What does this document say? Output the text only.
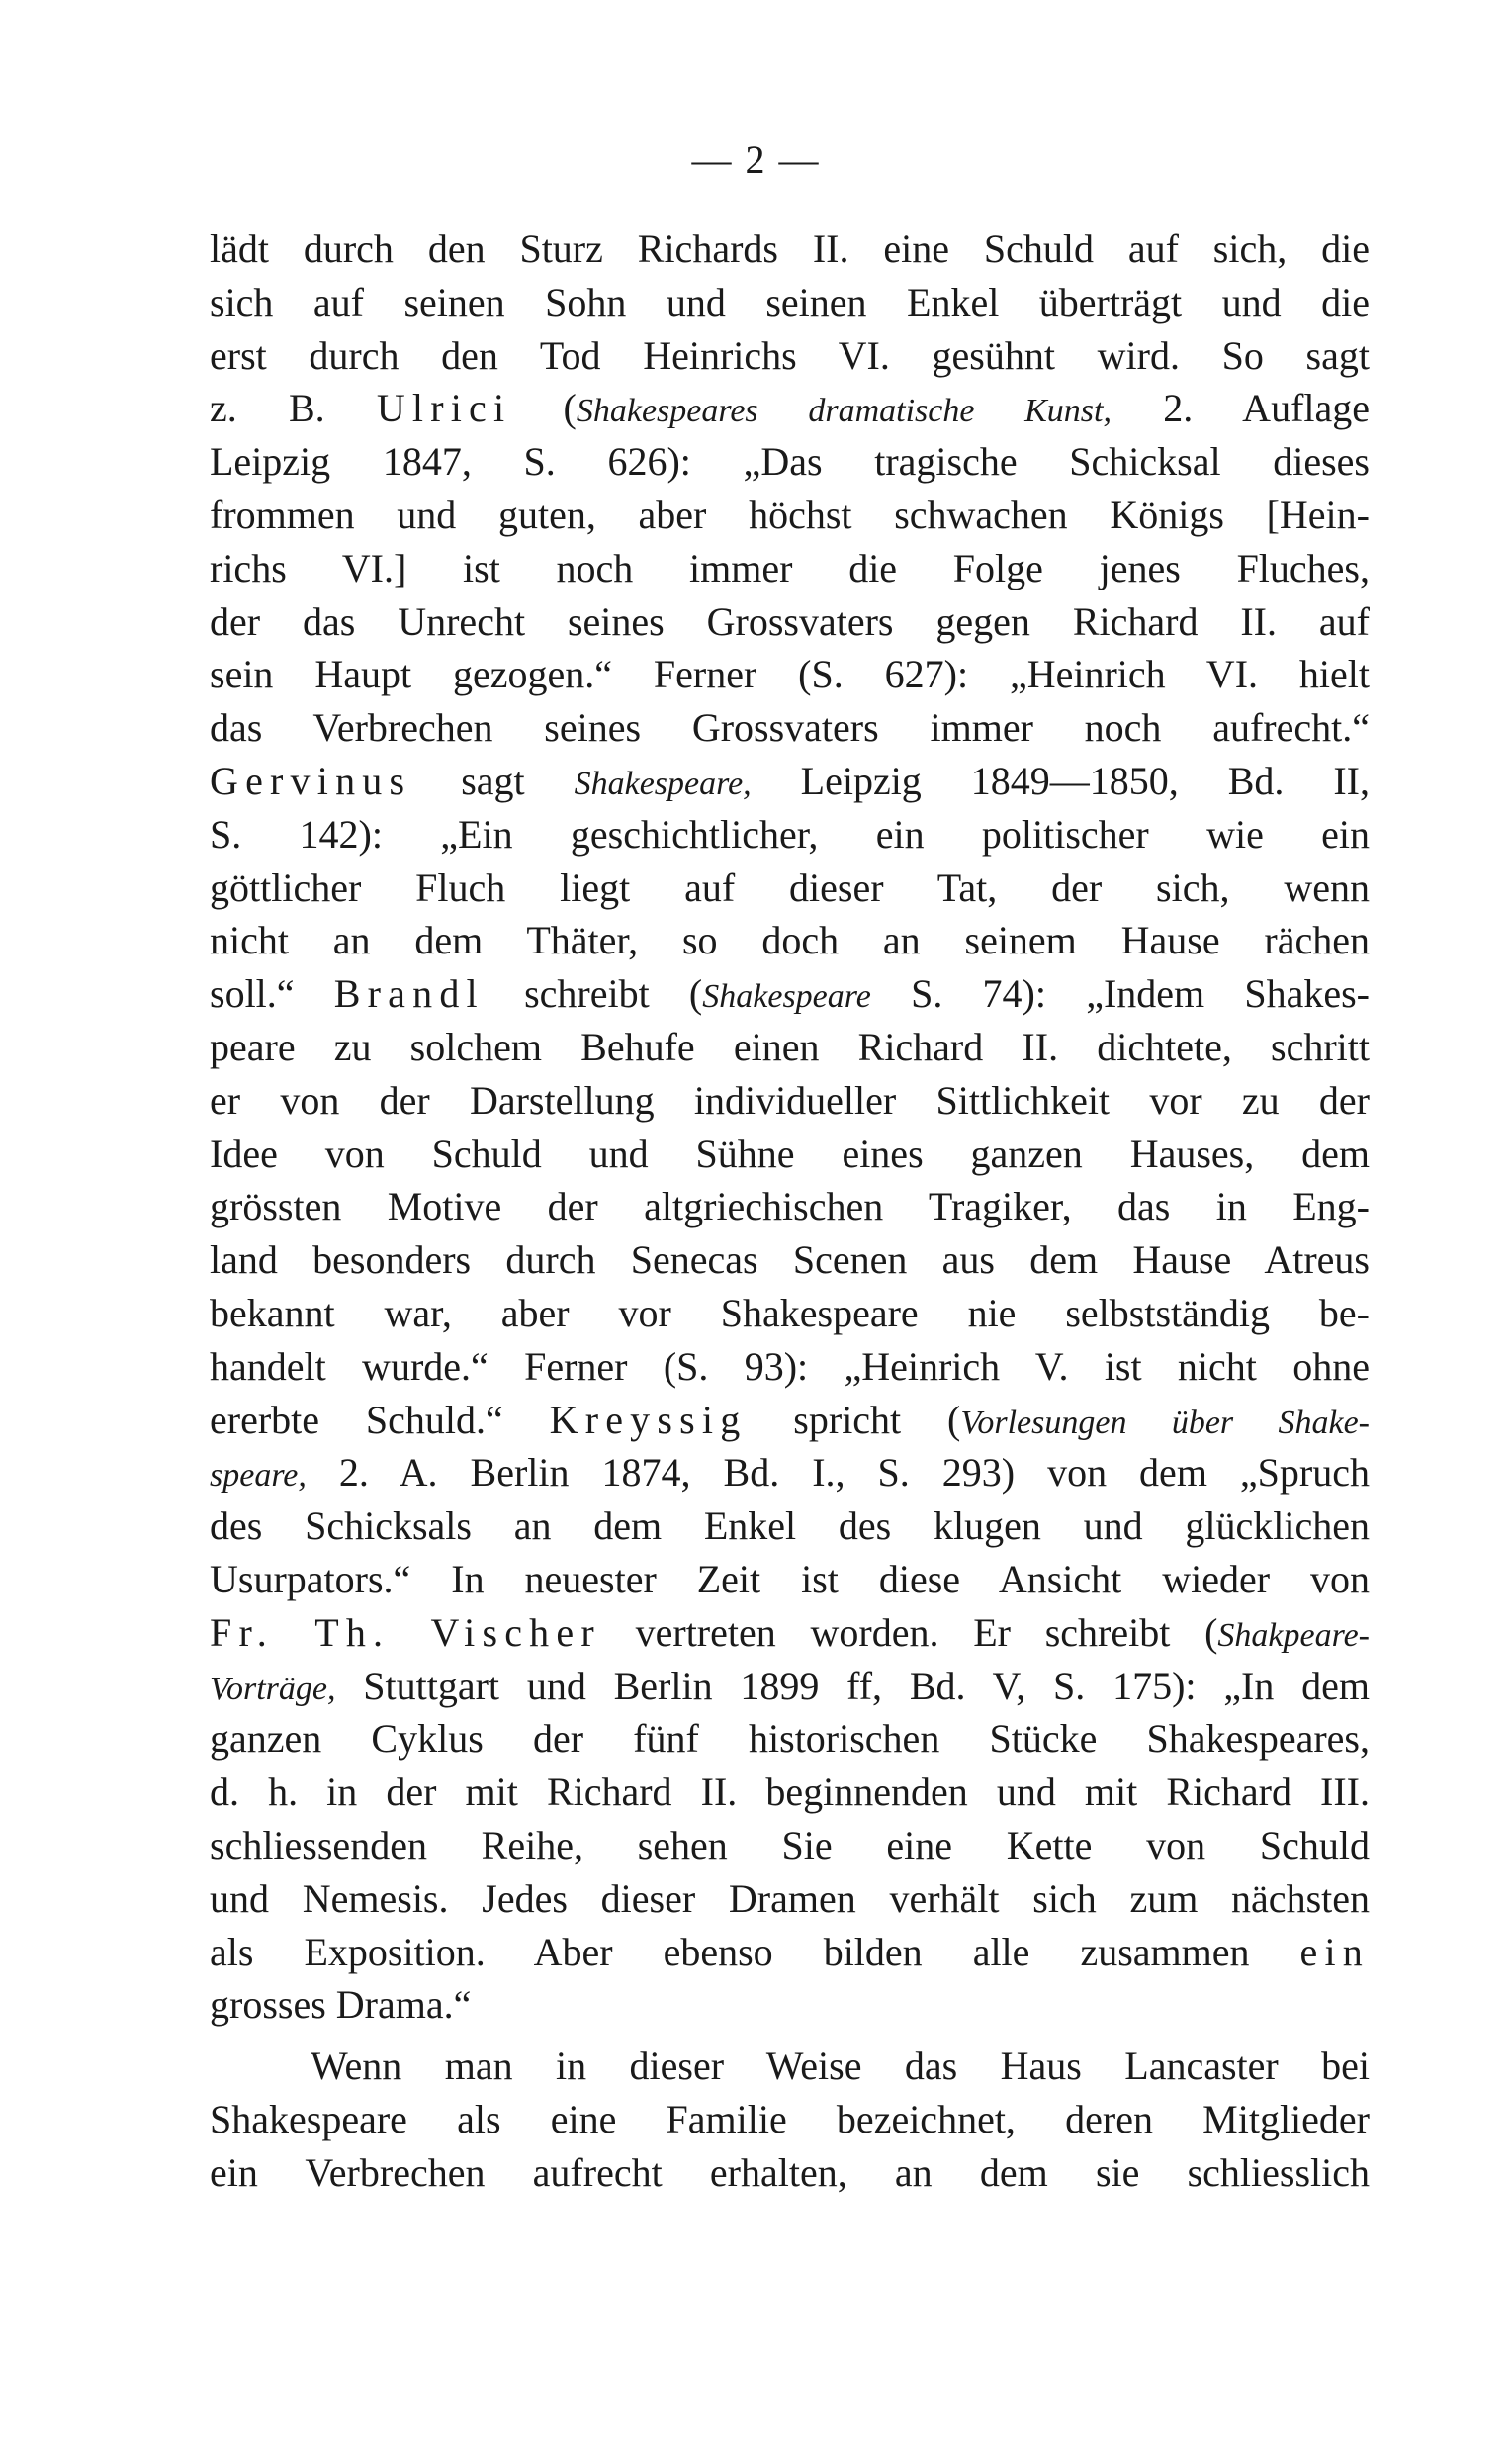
— 2 —
lädt durch den Sturz Richards II. eine Schuld auf sich, die
sich auf seinen Sohn und seinen Enkel überträgt und die
erst durch den Tod Heinrichs VI. gesühnt wird. So sagt
z. B. Ulrici (Shakespeares dramatische Kunst, 2. Auflage
Leipzig 1847, S. 626): „Das tragische Schicksal dieses
frommen und guten, aber höchst schwachen Königs [Hein-
richs VI.] ist noch immer die Folge jenes Fluches,
der das Unrecht seines Grossvaters gegen Richard II. auf
sein Haupt gezogen.“ Ferner (S. 627): „Heinrich VI. hielt
das Verbrechen seines Grossvaters immer noch aufrecht.“
Gervinus sagt Shakespeare, Leipzig 1849—1850, Bd. II,
S. 142): „Ein geschichtlicher, ein politischer wie ein
göttlicher Fluch liegt auf dieser Tat, der sich, wenn
nicht an dem Thäter, so doch an seinem Hause rächen
soll.“ Brandl schreibt (Shakespeare S. 74): „Indem Shakes-
peare zu solchem Behufe einen Richard II. dichtete, schritt
er von der Darstellung individueller Sittlichkeit vor zu der
Idee von Schuld und Sühne eines ganzen Hauses, dem
grössten Motive der altgriechischen Tragiker, das in Eng-
land besonders durch Senecas Scenen aus dem Hause Atreus
bekannt war, aber vor Shakespeare nie selbstständig be-
handelt wurde.“ Ferner (S. 93): „Heinrich V. ist nicht ohne
ererbte Schuld.“ Kreyssig spricht (Vorlesungen über Shake-
speare, 2. A. Berlin 1874, Bd. I., S. 293) von dem „Spruch
des Schicksals an dem Enkel des klugen und glücklichen
Usurpators.“ In neuester Zeit ist diese Ansicht wieder von
Fr. Th. Vischer vertreten worden. Er schreibt (Shakpeare-
Vorträge, Stuttgart und Berlin 1899 ff, Bd. V, S. 175): „In dem
ganzen Cyklus der fünf historischen Stücke Shakespeares,
d. h. in der mit Richard II. beginnenden und mit Richard III.
schliessenden Reihe, sehen Sie eine Kette von Schuld
und Nemesis. Jedes dieser Dramen verhält sich zum nächsten
als Exposition. Aber ebenso bilden alle zusammen ein
grosses Drama.“
Wenn man in dieser Weise das Haus Lancaster bei
Shakespeare als eine Familie bezeichnet, deren Mitglieder
ein Verbrechen aufrecht erhalten, an dem sie schliesslich
